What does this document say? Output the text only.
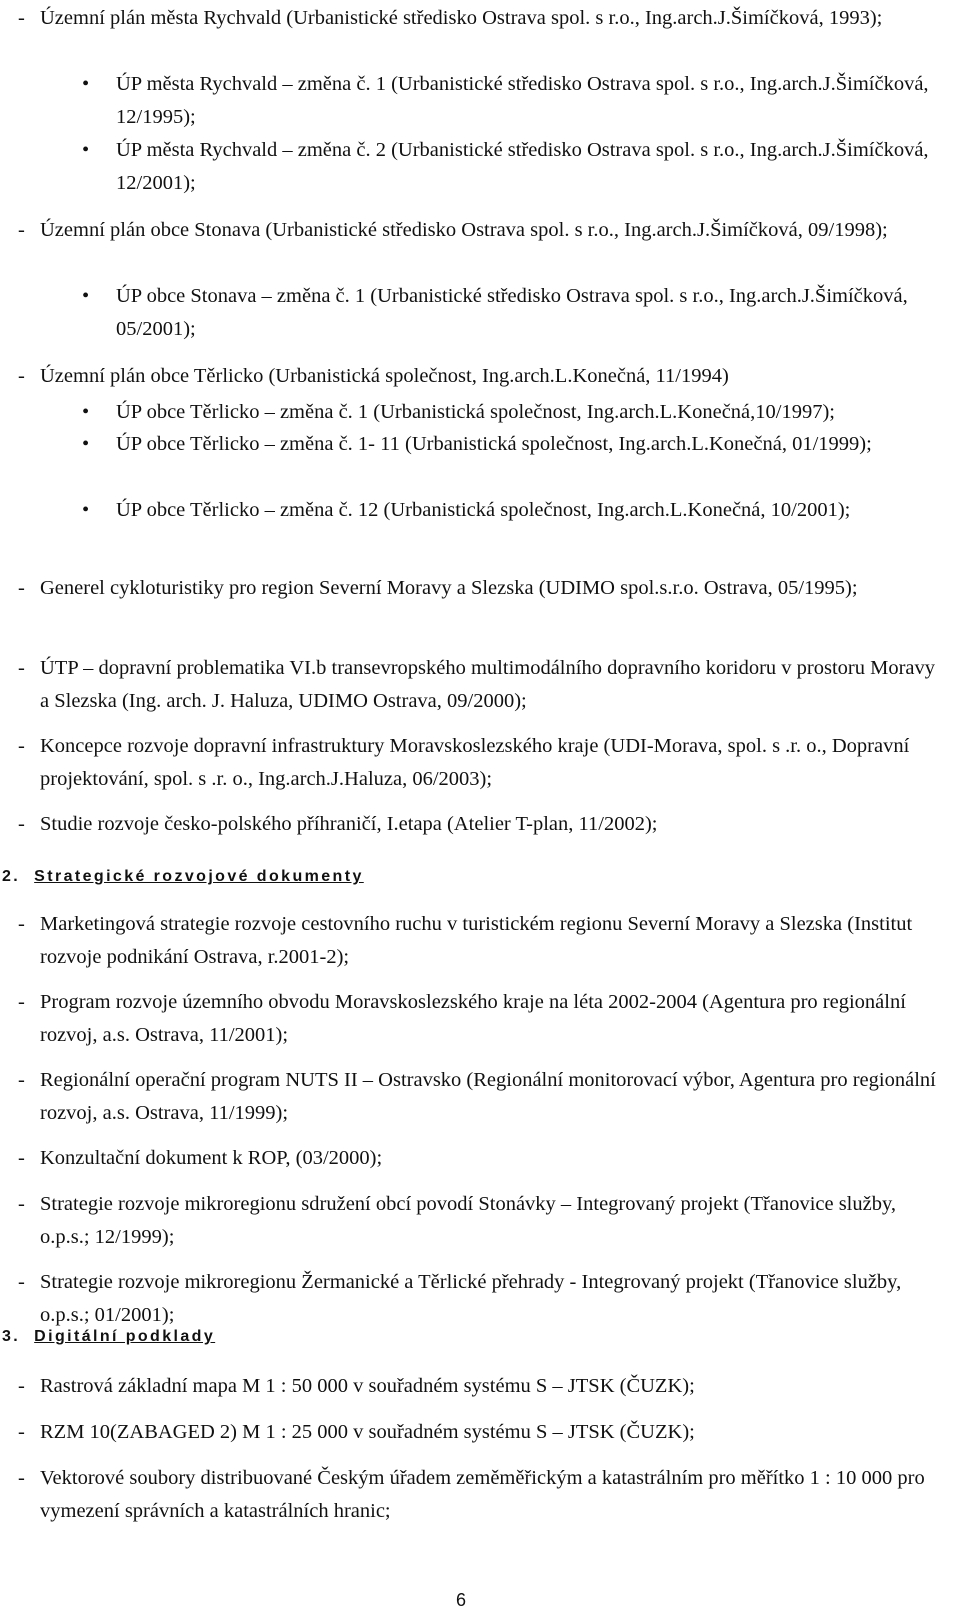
- Územní plán města Rychvald (Urbanistické středisko Ostrava spol. s r.o., Ing.arch.J.Šimíčková, 1993);
• ÚP města Rychvald – změna č. 1 (Urbanistické středisko Ostrava spol. s r.o., Ing.arch.J.Šimíčková, 12/1995);
• ÚP města Rychvald – změna č. 2 (Urbanistické středisko Ostrava spol. s r.o., Ing.arch.J.Šimíčková, 12/2001);
- Územní plán obce Stonava (Urbanistické středisko Ostrava spol. s r.o., Ing.arch.J.Šimíčková, 09/1998);
• ÚP obce Stonava – změna č. 1 (Urbanistické středisko Ostrava spol. s r.o., Ing.arch.J.Šimíčková, 05/2001);
- Územní plán obce Těrlicko (Urbanistická společnost, Ing.arch.L.Konečná, 11/1994)
• ÚP obce Těrlicko – změna č. 1 (Urbanistická společnost, Ing.arch.L.Konečná,10/1997);
• ÚP obce Těrlicko – změna č. 1- 11 (Urbanistická společnost, Ing.arch.L.Konečná, 01/1999);
• ÚP obce Těrlicko – změna č. 12 (Urbanistická společnost, Ing.arch.L.Konečná, 10/2001);
- Generel cykloturistiky pro region Severní Moravy a Slezska (UDIMO spol.s.r.o. Ostrava, 05/1995);
- ÚTP – dopravní problematika VI.b transevropského multimodálního dopravního koridoru v prostoru Moravy a Slezska (Ing. arch. J. Haluza, UDIMO Ostrava, 09/2000);
- Koncepce rozvoje dopravní infrastruktury Moravskoslezského kraje (UDI-Morava, spol. s .r. o., Dopravní projektování, spol. s .r. o., Ing.arch.J.Haluza, 06/2003);
- Studie rozvoje česko-polského příhraničí, I.etapa (Atelier T-plan, 11/2002);
2. Strategické rozvojové dokumenty
- Marketingová strategie rozvoje cestovního ruchu v turistickém regionu Severní Moravy a Slezska (Institut rozvoje podnikání Ostrava, r.2001-2);
- Program rozvoje územního obvodu Moravskoslezského kraje na léta 2002-2004 (Agentura pro regionální rozvoj, a.s. Ostrava, 11/2001);
- Regionální operační program NUTS II – Ostravsko (Regionální monitorovací výbor, Agentura pro regionální rozvoj, a.s. Ostrava, 11/1999);
- Konzultační dokument k ROP, (03/2000);
- Strategie rozvoje mikroregionu sdružení obcí povodí Stonávky – Integrovaný projekt (Třanovice služby, o.p.s.; 12/1999);
- Strategie rozvoje mikroregionu Žermanické a Těrlické přehrady - Integrovaný projekt (Třanovice služby, o.p.s.; 01/2001);
3. Digitální podklady
- Rastrová základní mapa M 1 : 50 000 v souřadném systému S – JTSK (ČUZK);
- RZM 10(ZABAGED 2) M 1 : 25 000 v souřadném systému S – JTSK (ČUZK);
- Vektorové soubory distribuované Českým úřadem zeměměřickým a katastrálním pro měřítko 1 : 10 000 pro vymezení správních a katastrálních hranic;
6
